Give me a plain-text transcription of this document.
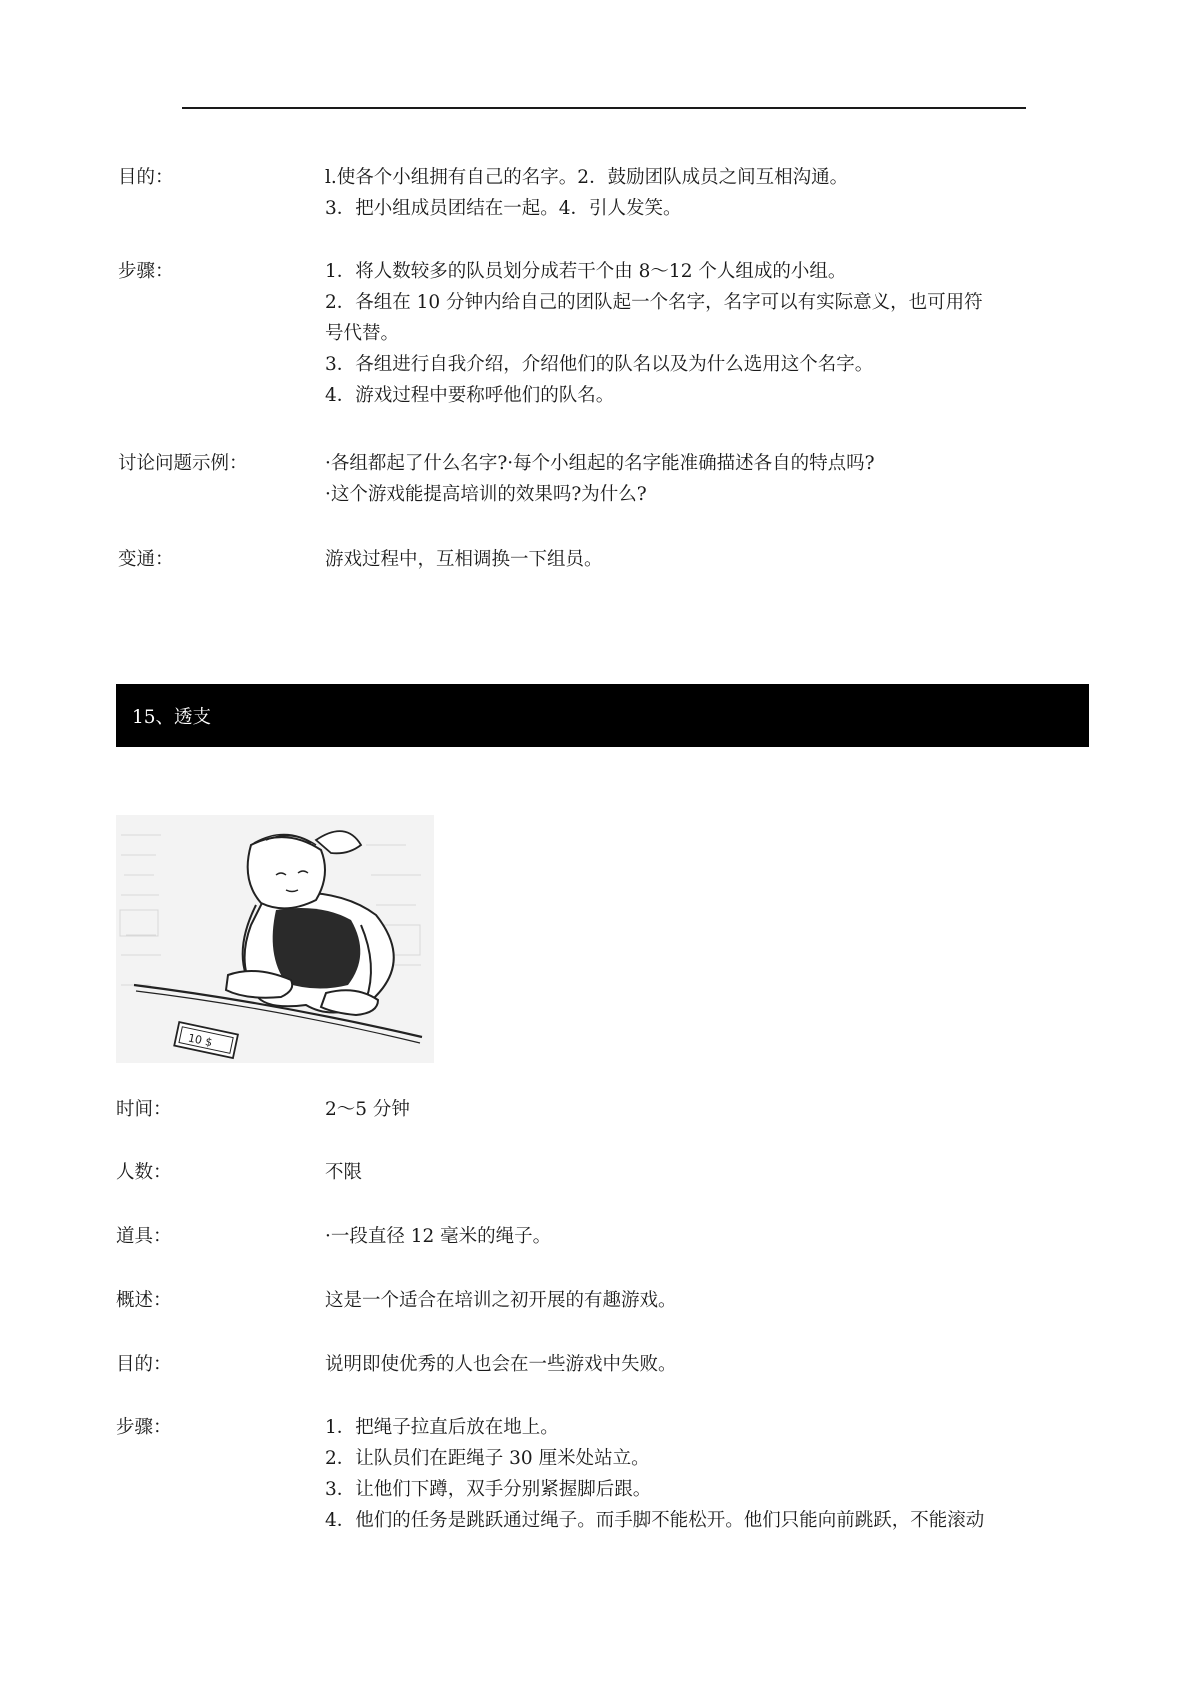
目的：	l.使各个小组拥有自己的名字。2．鼓励团队成员之间互相沟通。
3．把小组成员团结在一起。4．引人发笑。
步骤：	1．将人数较多的队员划分成若干个由 8～12 个人组成的小组。
2．各组在 10 分钟内给自己的团队起一个名字，名字可以有实际意义，也可用符
号代替。
3．各组进行自我介绍，介绍他们的队名以及为什么选用这个名字。
4．游戏过程中要称呼他们的队名。
讨论问题示例：	·各组都起了什么名字?·每个小组起的名字能准确描述各自的特点吗?
·这个游戏能提高培训的效果吗?为什么?
变通：	游戏过程中，互相调换一下组员。
15、透支
10 $
时间：	2～5 分钟
人数：	不限
道具：	·一段直径 12 毫米的绳子。
概述：	这是一个适合在培训之初开展的有趣游戏。
目的：	说明即使优秀的人也会在一些游戏中失败。
步骤：	1．把绳子拉直后放在地上。
2．让队员们在距绳子 30 厘米处站立。
3．让他们下蹲，双手分别紧握脚后跟。
4．他们的任务是跳跃通过绳子。而手脚不能松开。他们只能向前跳跃，不能滚动
